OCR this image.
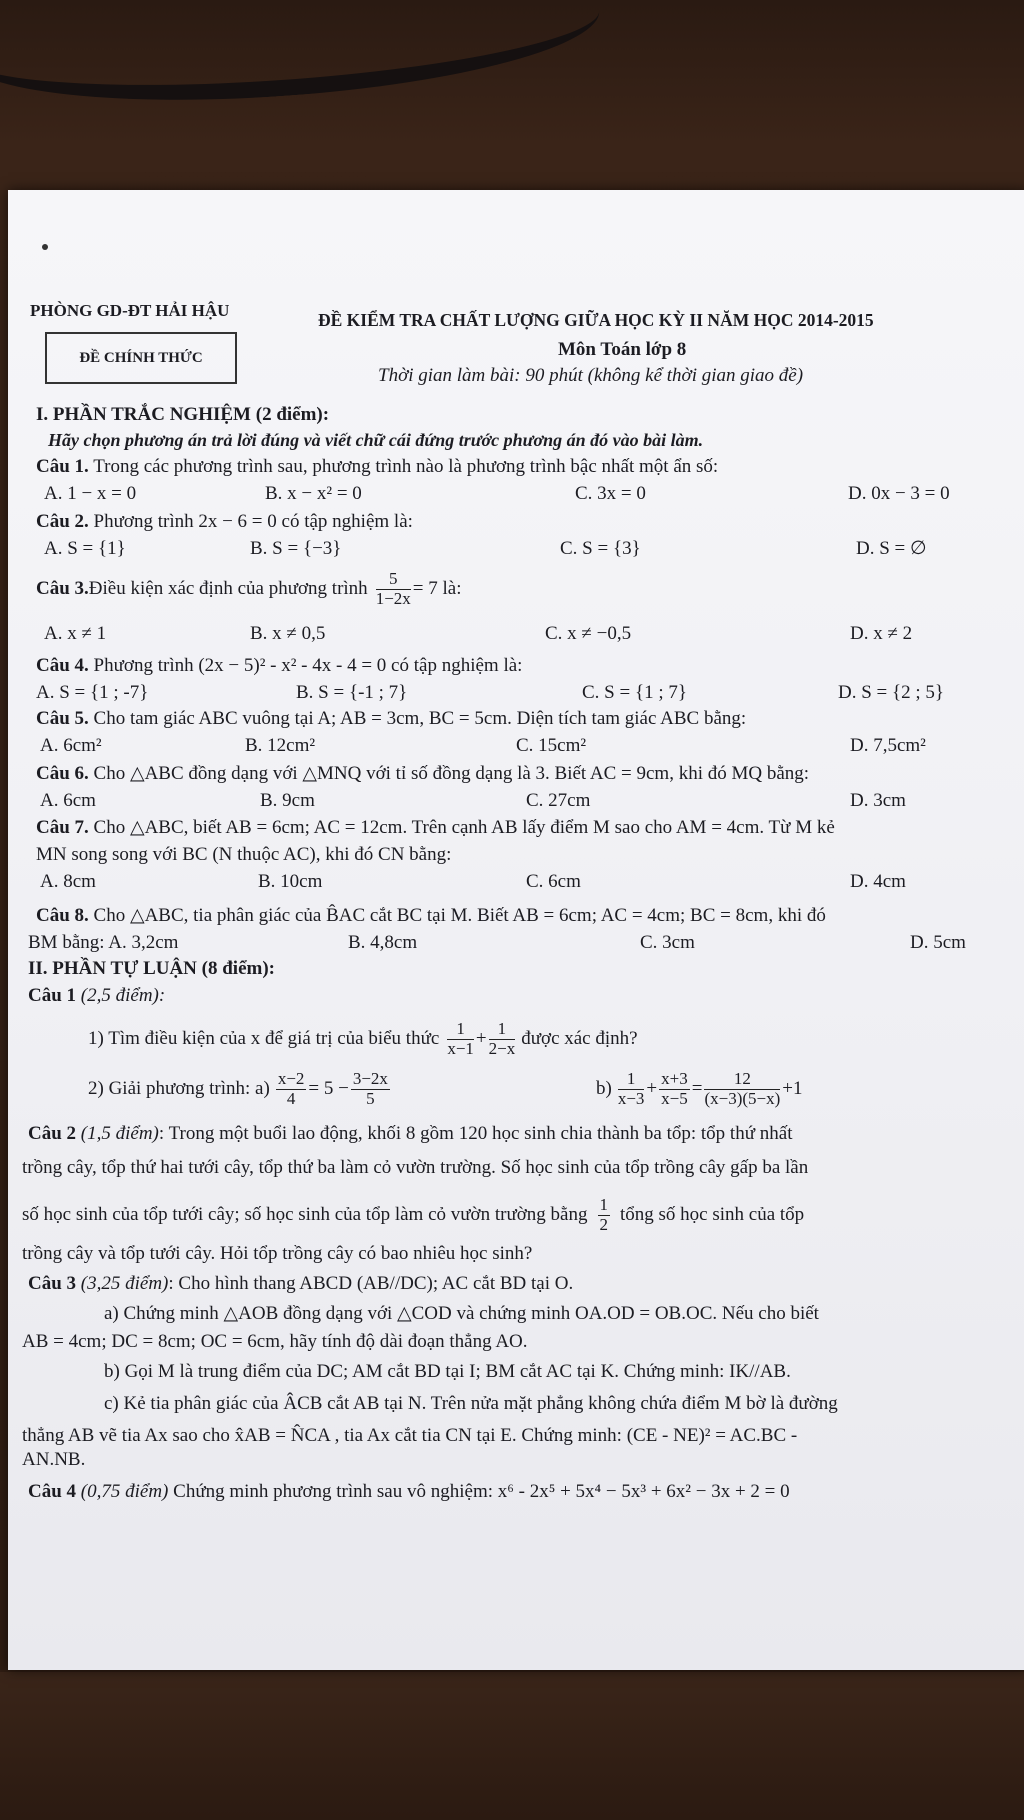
PHÒNG GD-ĐT HẢI HẬU	ĐỀ KIỂM TRA CHẤT LƯỢNG GIỮA HỌC KỲ II NĂM HỌC 2014-2015
ĐỀ CHÍNH THỨC	Môn Toán lớp 8
Thời gian làm bài: 90 phút (không kể thời gian giao đề)
I. PHẦN TRẮC NGHIỆM (2 điểm):
Hãy chọn phương án trả lời đúng và viết chữ cái đứng trước phương án đó vào bài làm.
Câu 1. Trong các phương trình sau, phương trình nào là phương trình bậc nhất một ẩn số:
A. 1 − x = 0	B. x − x² = 0	C. 3x = 0	D. 0x − 3 = 0
Câu 2. Phương trình 2x − 6 = 0 có tập nghiệm là:
A. S = {1}	B. S = {−3}	C. S = {3}	D. S = ∅
Câu 3. Điều kiện xác định của phương trình $\frac{5}{1-2x} = 7$ là:
A. x ≠ 1	B. x ≠ 0,5	C. x ≠ −0,5	D. x ≠ 2
Câu 4. Phương trình (2x − 5)² - x² - 4x - 4 = 0 có tập nghiệm là:
A. S = {1 ; -7}	B. S = {-1 ; 7}	C. S = {1 ; 7}	D. S = {2 ; 5}
Câu 5. Cho tam giác ABC vuông tại A; AB = 3cm, BC = 5cm. Diện tích tam giác ABC bằng:
A. 6cm²	B. 12cm²	C. 15cm²	D. 7,5cm²
Câu 6. Cho △ABC đồng dạng với △MNQ với tỉ số đồng dạng là 3. Biết AC = 9cm, khi đó MQ bằng:
A. 6cm	B. 9cm	C. 27cm	D. 3cm
Câu 7. Cho △ABC, biết AB = 6cm; AC = 12cm. Trên cạnh AB lấy điểm M sao cho AM = 4cm. Từ M kẻ
MN song song với BC (N thuộc AC), khi đó CN bằng:
A. 8cm	B. 10cm	C. 6cm	D. 4cm
Câu 8. Cho △ABC, tia phân giác của B̂AC cắt BC tại M. Biết AB = 6cm; AC = 4cm; BC = 8cm, khi đó
BM bằng: A. 3,2cm	B. 4,8cm	C. 3cm	D. 5cm
II. PHẦN TỰ LUẬN (8 điểm):
Câu 1 (2,5 điểm):
1) Tìm điều kiện của x để giá trị của biểu thức $\frac{1}{x-1} + \frac{1}{2-x}$ được xác định?
2) Giải phương trình: $a) \frac{x-2}{4} = 5 - \frac{3-2x}{5}$	$b) \frac{1}{x-3} + \frac{x+3}{x-5} = \frac{12}{(x-3)(5-x)} +1$
Câu 2 (1,5 điểm): Trong một buổi lao động, khối 8 gồm 120 học sinh chia thành ba tổp: tổp thứ nhất
trồng cây, tổp thứ hai tưới cây, tổp thứ ba làm cỏ vườn trường. Số học sinh của tổp trồng cây gấp ba lần
số học sinh của tổp tưới cây; số học sinh của tổp làm cỏ vườn trường bằng $\frac{1}{2}$ tổng số học sinh của tổp
trồng cây và tổp tưới cây. Hỏi tổp trồng cây có bao nhiêu học sinh?
Câu 3 (3,25 điểm): Cho hình thang ABCD (AB//DC); AC cắt BD tại O.
a) Chứng minh △AOB đồng dạng với △COD và chứng minh OA.OD = OB.OC. Nếu cho biết
AB = 4cm; DC = 8cm; OC = 6cm, hãy tính độ dài đoạn thẳng AO.
b) Gọi M là trung điểm của DC; AM cắt BD tại I; BM cắt AC tại K. Chứng minh: IK//AB.
c) Kẻ tia phân giác của ÂCB cắt AB tại N. Trên nửa mặt phẳng không chứa điểm M bờ là đường
thẳng AB vẽ tia Ax sao cho x̂AB = N̂CA , tia Ax cắt tia CN tại E. Chứng minh: (CE - NE)² = AC.BC -
AN.NB.
Câu 4 (0,75 điểm) Chứng minh phương trình sau vô nghiệm: x⁶ - 2x⁵ + 5x⁴ − 5x³ + 6x² − 3x + 2 = 0
